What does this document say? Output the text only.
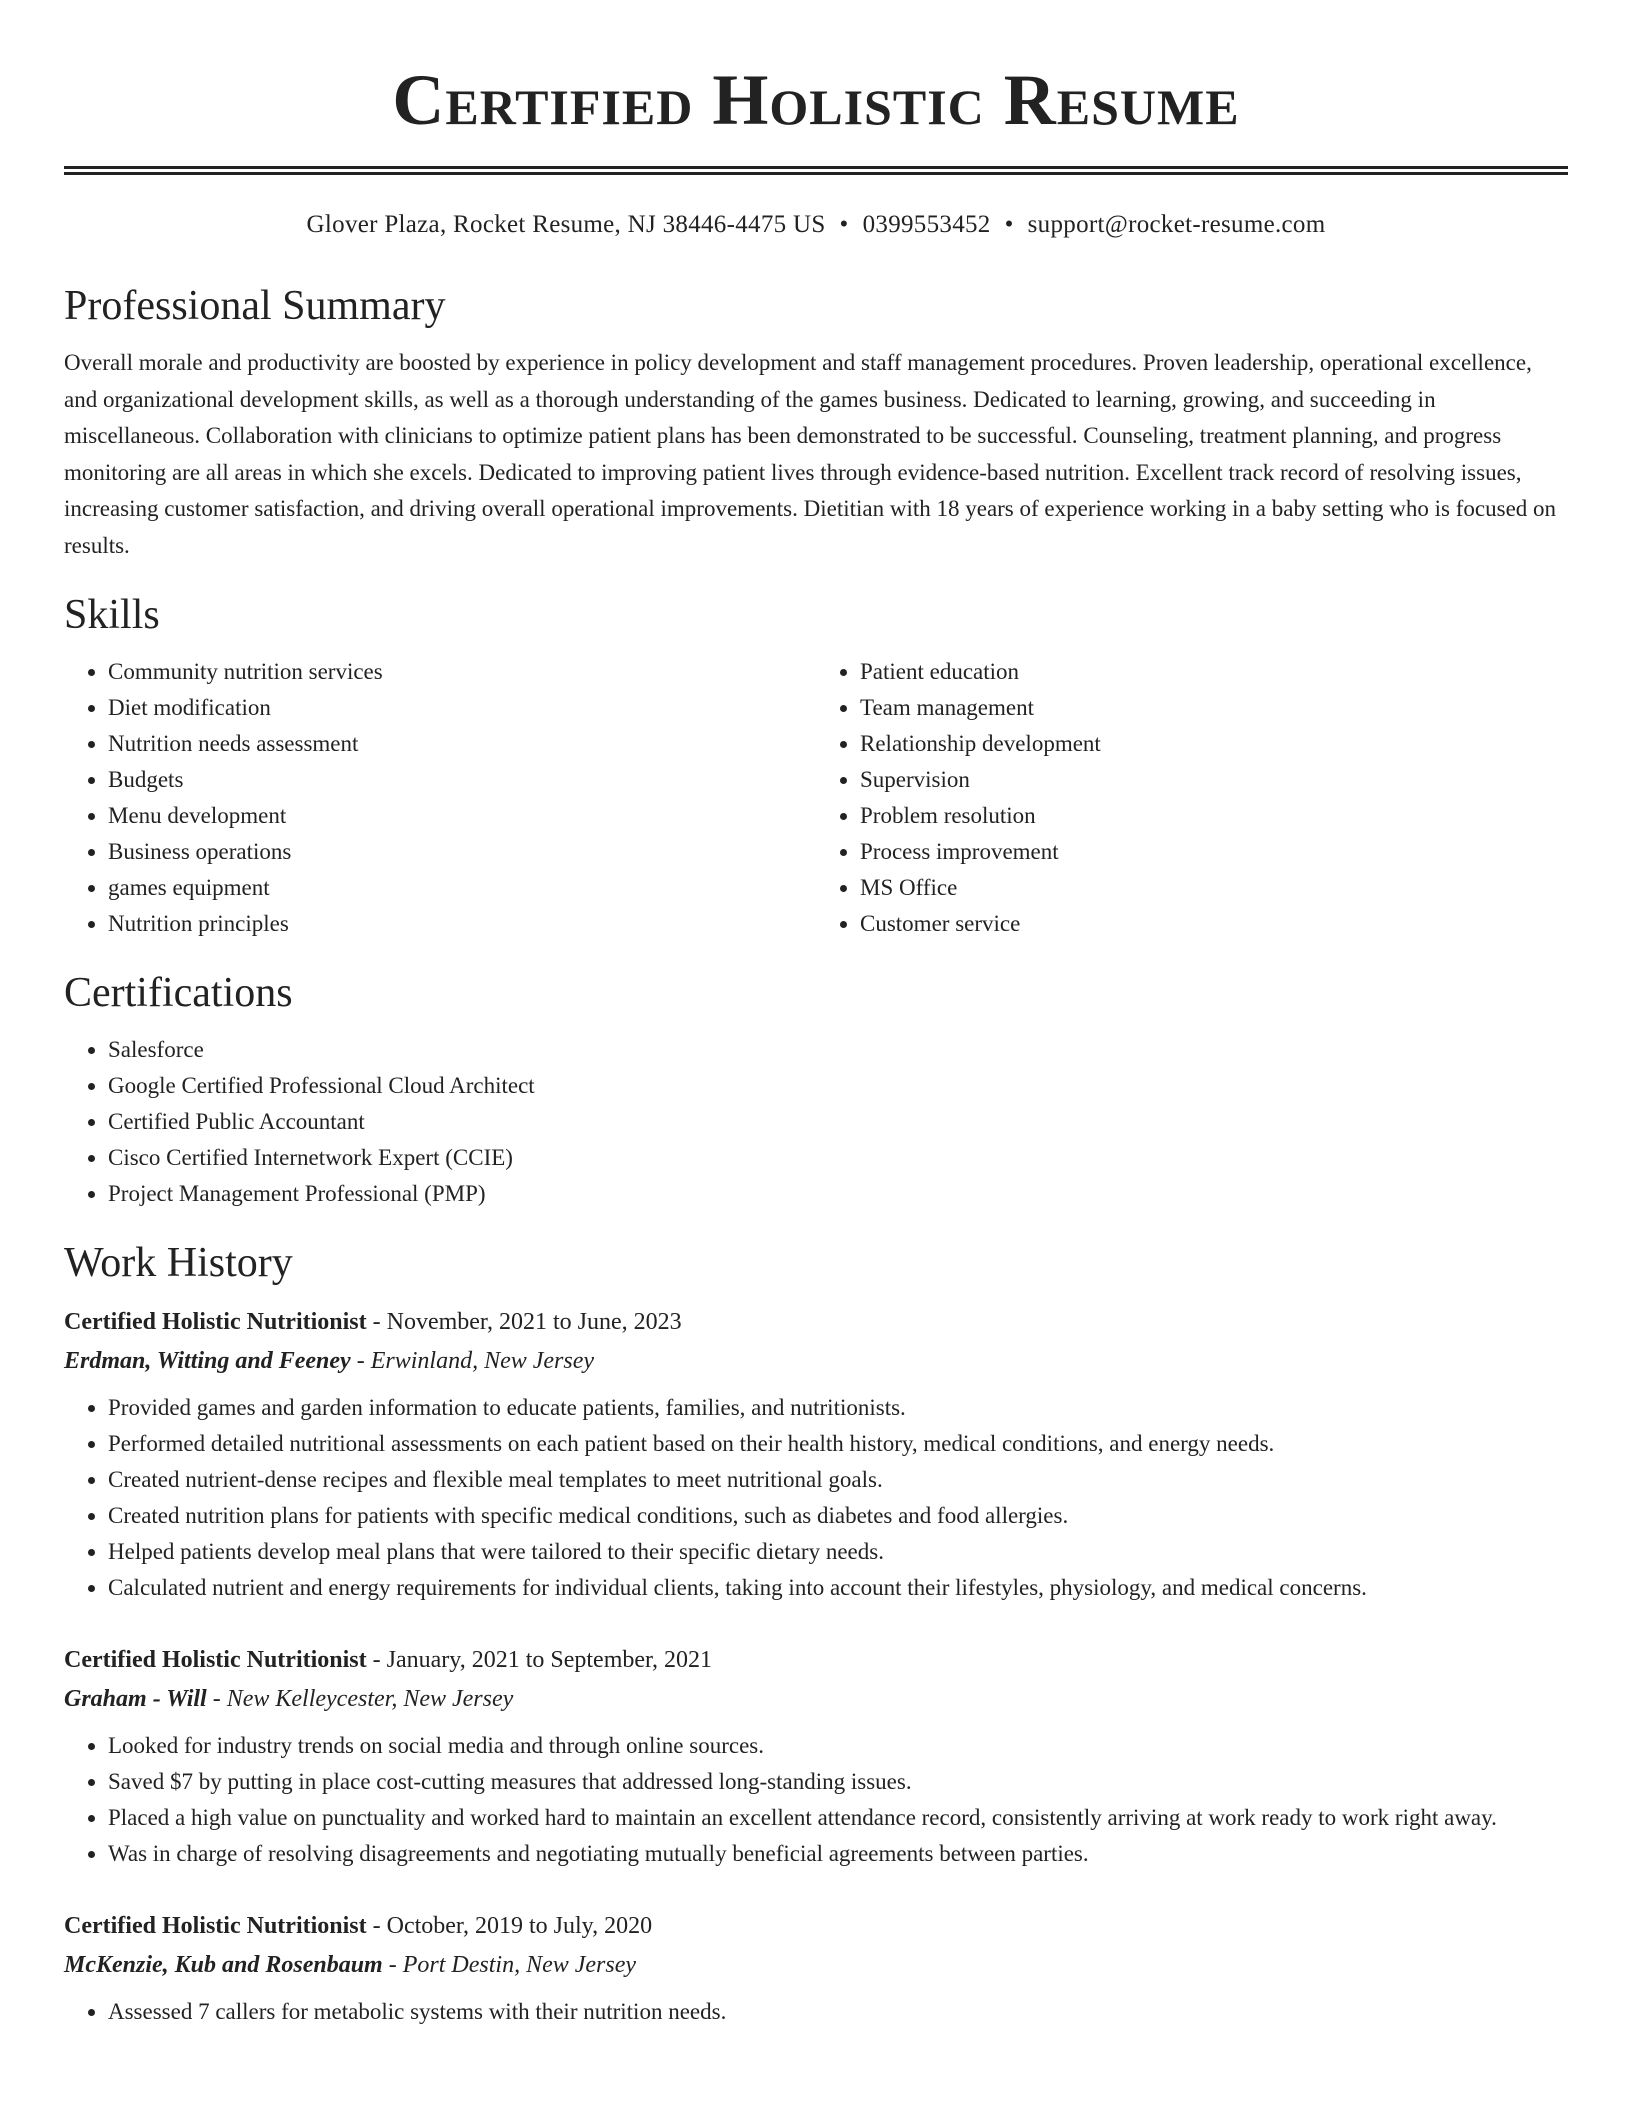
Certified Holistic Resume
Glover Plaza, Rocket Resume, NJ 38446-4475 US • 0399553452 • support@rocket-resume.com
Professional Summary

Overall morale and productivity are boosted by experience in policy development and staff management procedures. Proven leadership, operational excellence, and organizational development skills, as well as a thorough understanding of the games business. Dedicated to learning, growing, and succeeding in miscellaneous. Collaboration with clinicians to optimize patient plans has been demonstrated to be successful. Counseling, treatment planning, and progress monitoring are all areas in which she excels. Dedicated to improving patient lives through evidence-based nutrition. Excellent track record of resolving issues, increasing customer satisfaction, and driving overall operational improvements. Dietitian with 18 years of experience working in a baby setting who is focused on results.

Skills
• Community nutrition services
• Diet modification
• Nutrition needs assessment
• Budgets
• Menu development
• Business operations
• games equipment
• Nutrition principles
• Patient education
• Team management
• Relationship development
• Supervision
• Problem resolution
• Process improvement
• MS Office
• Customer service
Certifications
• Salesforce
• Google Certified Professional Cloud Architect
• Certified Public Accountant
• Cisco Certified Internetwork Expert (CCIE)
• Project Management Professional (PMP)
Work History
Certified Holistic Nutritionist - November, 2021 to June, 2023
Erdman, Witting and Feeney - Erwinland, New Jersey
• Provided games and garden information to educate patients, families, and nutritionists.
• Performed detailed nutritional assessments on each patient based on their health history, medical conditions, and energy needs.
• Created nutrient-dense recipes and flexible meal templates to meet nutritional goals.
• Created nutrition plans for patients with specific medical conditions, such as diabetes and food allergies.
• Helped patients develop meal plans that were tailored to their specific dietary needs.
• Calculated nutrient and energy requirements for individual clients, taking into account their lifestyles, physiology, and medical concerns.
Certified Holistic Nutritionist - January, 2021 to September, 2021
Graham - Will - New Kelleycester, New Jersey
• Looked for industry trends on social media and through online sources.
• Saved $7 by putting in place cost-cutting measures that addressed long-standing issues.
• Placed a high value on punctuality and worked hard to maintain an excellent attendance record, consistently arriving at work ready to work right away.
• Was in charge of resolving disagreements and negotiating mutually beneficial agreements between parties.
Certified Holistic Nutritionist - October, 2019 to July, 2020
McKenzie, Kub and Rosenbaum - Port Destin, New Jersey
• Assessed 7 callers for metabolic systems with their nutrition needs.
